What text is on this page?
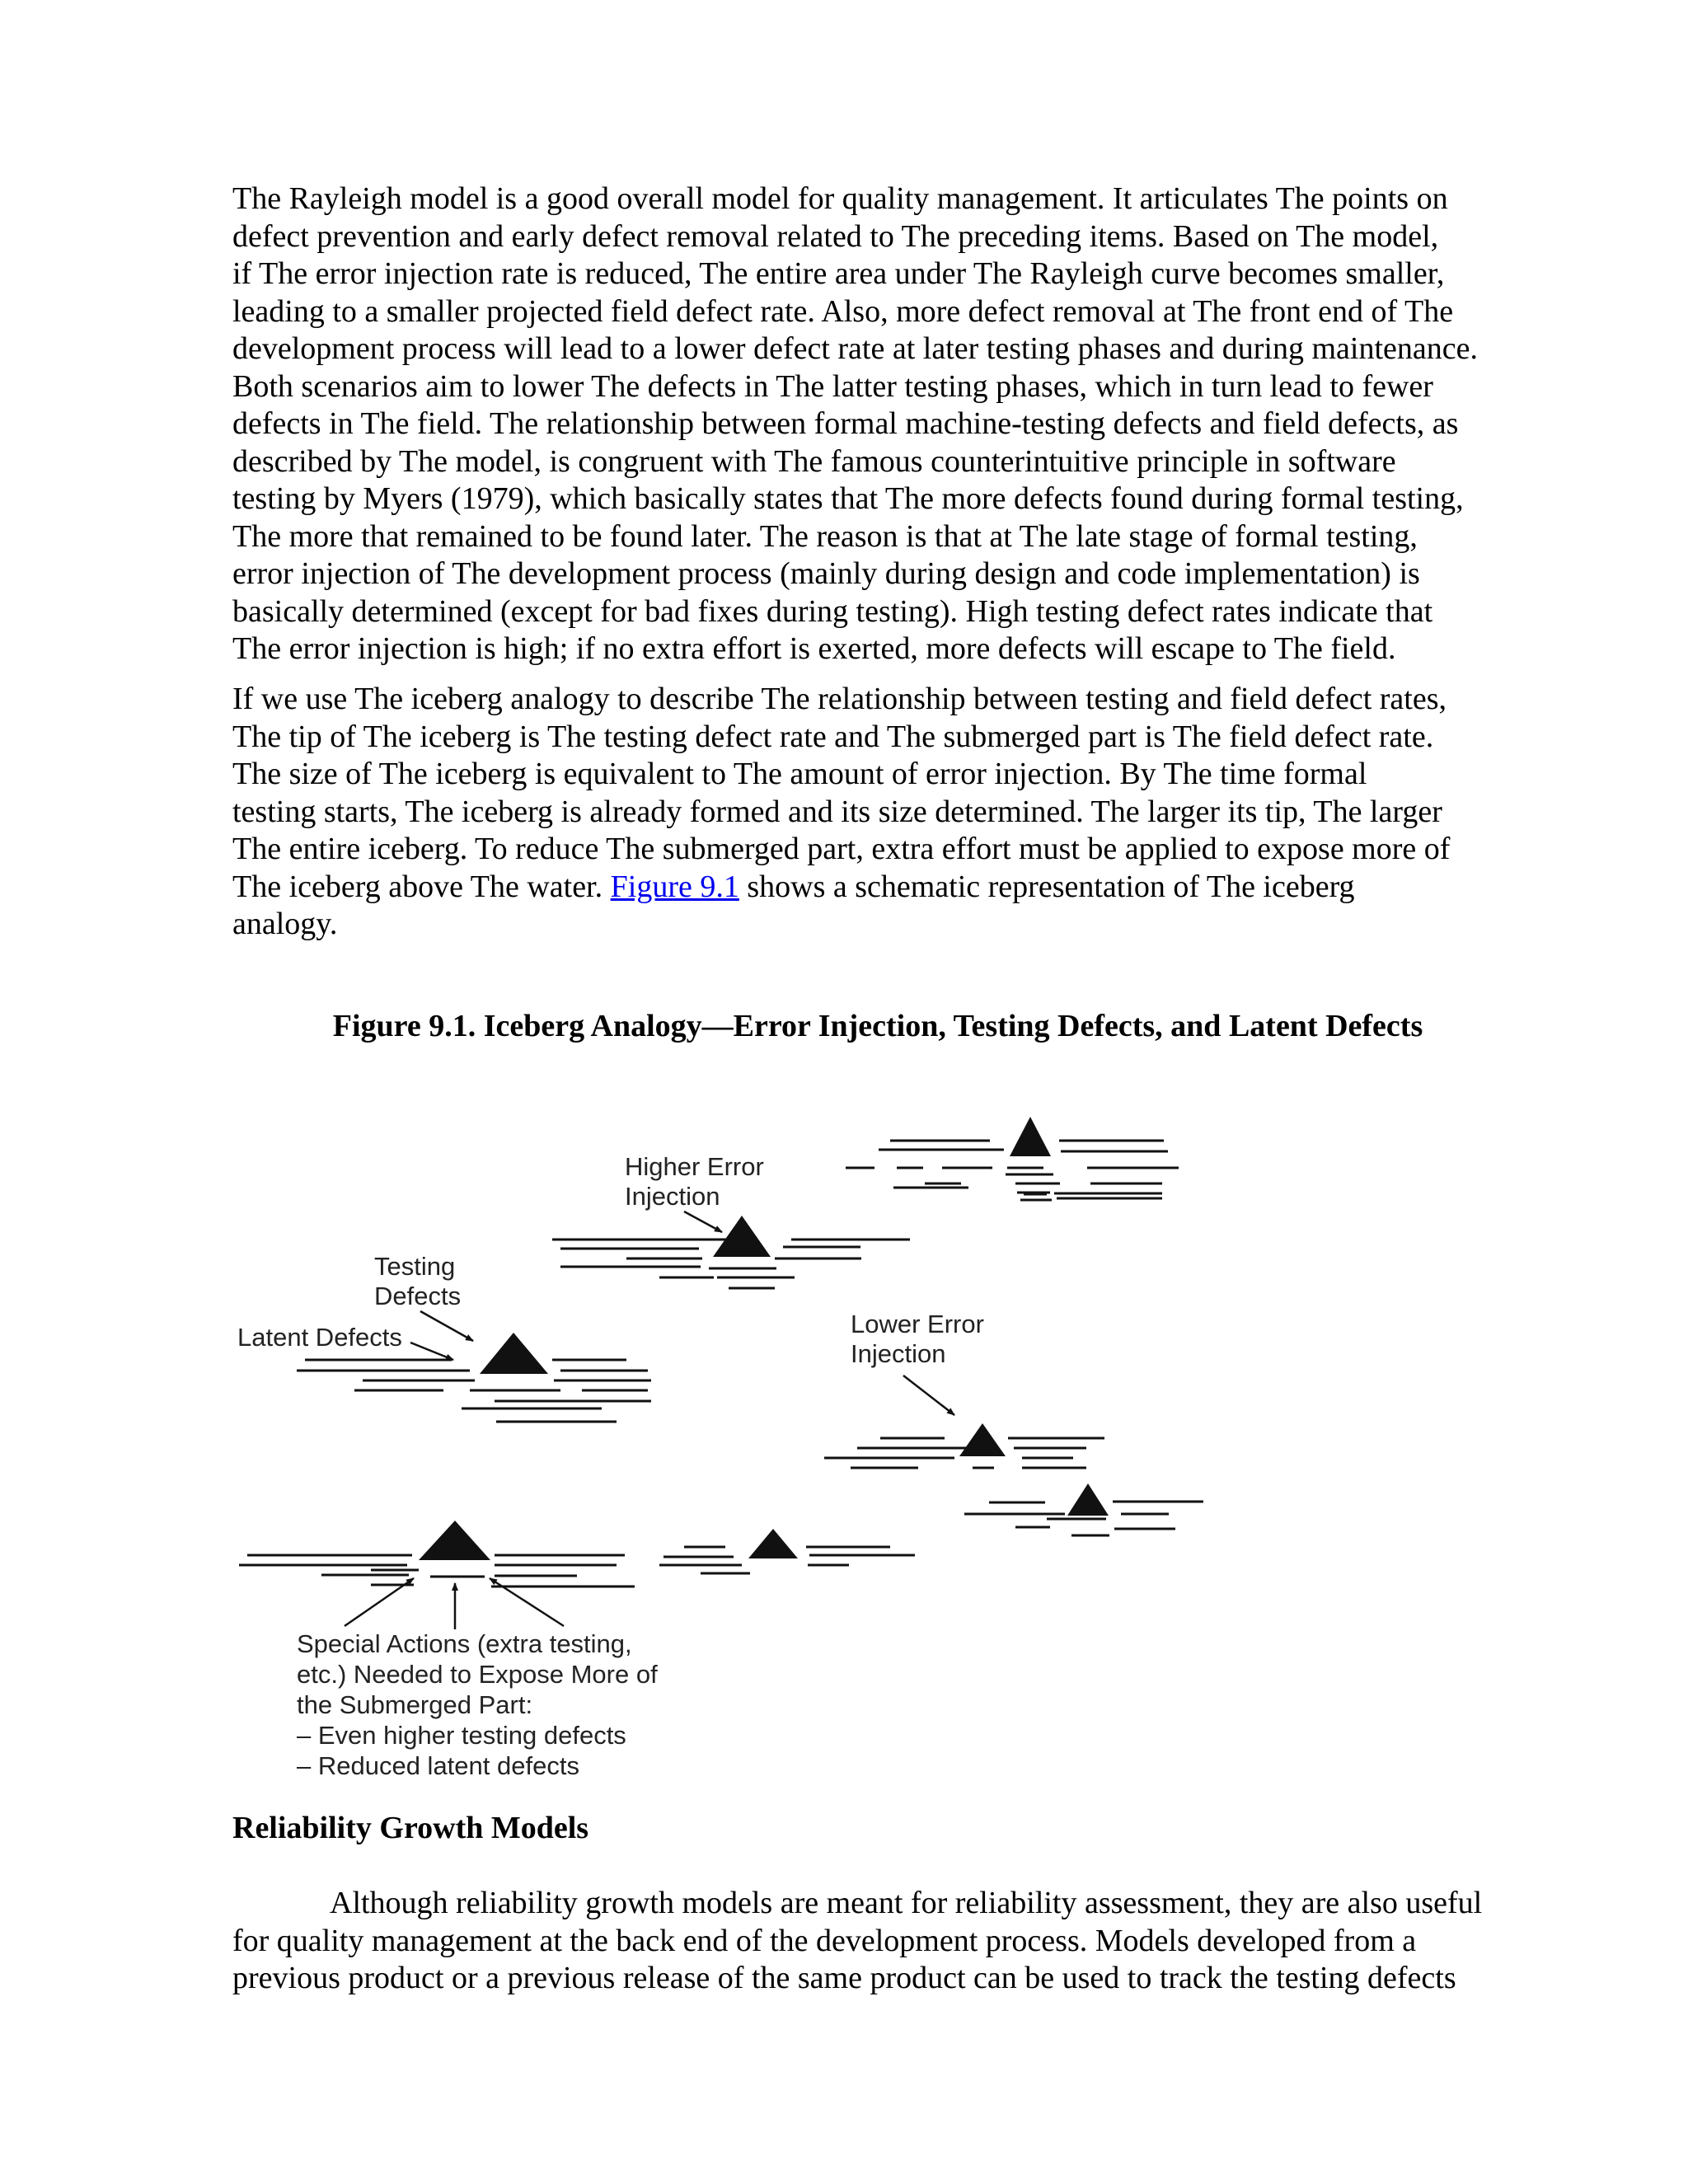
The Rayleigh model is a good overall model for quality management. It articulates The points on
defect prevention and early defect removal related to The preceding items. Based on The model,
if The error injection rate is reduced, The entire area under The Rayleigh curve becomes smaller,
leading to a smaller projected field defect rate. Also, more defect removal at The front end of The
development process will lead to a lower defect rate at later testing phases and during maintenance.
Both scenarios aim to lower The defects in The latter testing phases, which in turn lead to fewer
defects in The field. The relationship between formal machine-testing defects and field defects, as
described by The model, is congruent with The famous counterintuitive principle in software
testing by Myers (1979), which basically states that The more defects found during formal testing,
The more that remained to be found later. The reason is that at The late stage of formal testing,
error injection of The development process (mainly during design and code implementation) is
basically determined (except for bad fixes during testing). High testing defect rates indicate that
The error injection is high; if no extra effort is exerted, more defects will escape to The field.
If we use The iceberg analogy to describe The relationship between testing and field defect rates,
The tip of The iceberg is The testing defect rate and The submerged part is The field defect rate.
The size of The iceberg is equivalent to The amount of error injection. By The time formal
testing starts, The iceberg is already formed and its size determined. The larger its tip, The larger
The entire iceberg. To reduce The submerged part, extra effort must be applied to expose more of
The iceberg above The water. Figure 9.1 shows a schematic representation of The iceberg
analogy.
Figure 9.1. Iceberg Analogy—Error Injection, Testing Defects, and Latent Defects
Higher Error
Injection
Testing
Defects
Latent Defects	Lower Error
Injection
Special Actions (extra testing,
etc.) Needed to Expose More of
the Submerged Part:
– Even higher testing defects
– Reduced latent defects
Reliability Growth Models
Although reliability growth models are meant for reliability assessment, they are also useful
for quality management at the back end of the development process. Models developed from a
previous product or a previous release of the same product can be used to track the testing defects
